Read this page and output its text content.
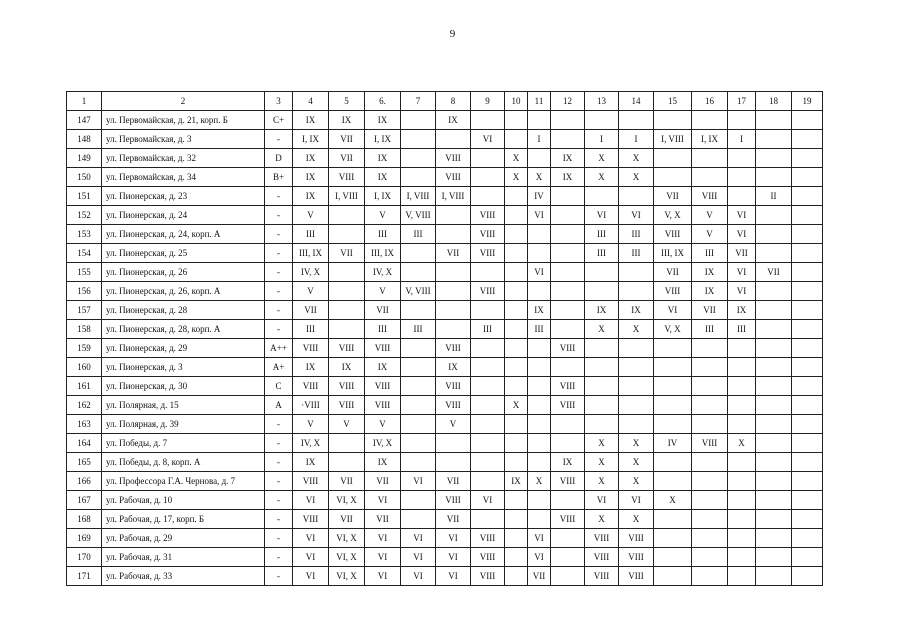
9
1	2	3	4	5	6.	7	8	9	10	11	12	13	14	15	16	17	18	19
147	ул. Первомайская, д. 21, корп. Б	C+	IX	IX	IX		IX											
148	ул. Первомайская, д. 3	-	I, IX	VII	I, IX			VI		I		I	I	I, VIII	I, IX	I		
149	ул. Первомайская, д. 32	D	IX	VII	IX		VIII		X		IX	X	X					
150	ул. Первомайская, д. 34	B+	IX	VIII	IX		VIII		X	X	IX	X	X					
151	ул. Пионерская, д. 23	-	IX	I, VIII	I, IX	I, VIII	I, VIII			IV				VII	VIII		II	
152	ул. Пионерская, д. 24	-	V		V	V, VIII		VIII		VI		VI	VI	V, X	V	VI		
153	ул. Пионерская, д. 24, корп. А	-	III		III	III		VIII				III	III	VIII	V	VI		
154	ул. Пионерская, д. 25	-	III, IX	VII	III, IX		VII	VIII				III	III	III, IX	III	VII		
155	ул. Пионерская, д. 26	-	IV, X		IV, X					VI				VII	IX	VI	VII	
156	ул. Пионерская, д. 26, корп. А	-	V		V	V, VIII		VIII						VIII	IX	VI		
157	ул. Пионерская, д. 28	-	VII		VII					IX		IX	IX	VI	VII	IX		
158	ул. Пионерская, д. 28, корп. А	-	III		III	III		III		III		X	X	V, X	III	III		
159	ул. Пионерская, д. 29	A++	VIII	VIII	VIII		VIII				VIII							
160	ул. Пионерская, д. 3	A+	IX	IX	IX		IX											
161	ул. Пионерская, д. 30	C	VIII	VIII	VIII		VIII				VIII							
162	ул. Полярная, д. 15	A	·VIII	VIII	VIII		VIII		X		VIII							
163	ул. Полярная, д. 39	-	V	V	V		V											
164	ул. Победы, д. 7	-	IV, X		IV, X							X	X	IV	VIII	X		
165	ул. Победы, д. 8, корп. А	-	IX		IX						IX	X	X					
166	ул. Профессора Г.А. Чернова, д. 7	-	VIII	VII	VII	VI	VII		IX	X	VIII	X	X					
167	ул. Рабочая, д. 10	-	VI	VI, X	VI		VIII	VI				VI	VI	X				
168	ул. Рабочая, д. 17, корп. Б	-	VIII	VII	VII		VII				VIII	X	X					
169	ул. Рабочая, д. 29	-	VI	VI, X	VI	VI	VI	VIII		VI		VIII	VIII					
170	ул. Рабочая, д. 31	-	VI	VI, X	VI	VI	VI	VIII		VI		VIII	VIII					
171	ул. Рабочая, д. 33	-	VI	VI, X	VI	VI	VI	VIII		VII		VIII	VIII					
